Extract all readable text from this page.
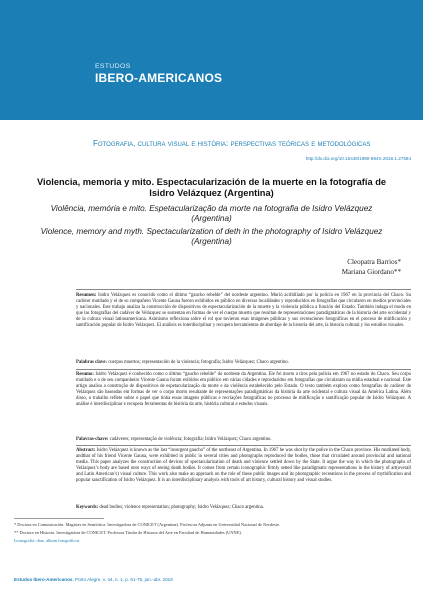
ESTUDOS
IBERO-AMERICANOS
Fotografia, cultura visual e história: perspectivas teóricas e metodológicas
http://dx.doi.org/10.15448/1980-864X.2018.1.27584
Violencia, memoria y mito. Espectacularización de la muerte en la fotografía de Isidro Velázquez (Argentina)
Violência, memória e mito. Espetacularização da morte na fotografia de Isidro Velázquez (Argentina)
Violence, memory and myth. Spectacularization of deth in the photography of Isidro Velázquez (Argentina)
Cleopatra Barrios*
Mariana Giordano**
Resumen: Isidro Velázquez es conocido como el último “gaucho rebelde” del nordeste argentino. Murió acribillado por la policía en 1967 en la provincia del Chaco. Su cadáver mutilado y el de su compañero Vicente Gauna fueron exhibidos en público en diversas localidades y reproducidos en fotografías que circularon en medios provinciales y nacionales. Este trabajo analiza la construcción de dispositivos de espectacularización de la muerte y la violencia pública a función del Estado. También indaga el modo en que las fotografías del cadáver de Velázquez se sustentan en formas de ver el cuerpo muerto que resultan de representaciones paradigmáticas de la historia del arte occidental y de la cultura visual latinoamericana. Asimismo reflexiona sobre el rol que tuvieron esas imágenes públicas y sus recreaciones fotográficas en el proceso de mitificación y santificación popular de Isidro Velázquez. El análisis es interdisciplinar y recupera herramientas de abordaje de la historia del arte, la historia cultural y los estudios visuales.
Palabras clave: cuerpos muertos; representación de la violencia; fotografía; Isidro Velázquez; Chaco argentino.
Resumo: Isidro Velázquez é conhecido como o último “gaucho rebelde” do nordeste da Argentina. Ele foi morto a tiros pela polícia em 1967 no estado do Chaco. Seu corpo mutilado e o de seu companheiro Vicente Gauna foram exibidos em público em várias cidades e reproduzidos em fotografias que circularam na mídia estadual e nacional. Este artigo analisa a construção de dispositivos de espetacularização da morte e da violência estabelecido pelo Estado. O texto também explora como fotografias do cadáver de Velázquez são baseadas em formas de ver o corpo morto resultante de representações paradigmáticas da história da arte ocidental e cultura visual da América Latina. Além disso, o trabalho reflete sobre o papel que tinha essas imagens públicas e recriações fotográficas no processo de mitificação e santificação popular de Isidro Velázquez. A análise é interdisciplinar e recupera ferramentas de história da arte, história cultural e estudos visuais.
Palavras-chave: cadáveres; representação de violência; fotografia; Isidro Velázquez; Chaco argentino.
Abstract: Isidro Velázquez is known as the last “insurgent gaucho” of the northeast of Argentina. In 1967 he was shot by the police in the Chaco province. His mutilated body, andthat of his friend Vicente Gauna, were exhibited in public in several cities and photographs reproduced the bodies, those that circulated around provincial and national media. This paper analyzes the construction of devices of spectacularization of death and violence settled down by the State. It argue the way in which the photographs of Velázquez’s body are based onto ways of seeing death bodies. It comes from certain iconographic firmly setted like paradigmatic representations in the history of art(overall and Latin American’s) visual culture. This work also make an approach on the role of these public images and its photographic recreations in the process of mythification and popular sanctification of Isidro Velázquez. It is an interdisciplinary analysis with tools of art history, cultural history and visual studies.
Keywords: dead bodies; violence representation; photography; Isidro Velázquez; Chaco argentina.
* Doctora en Comunicación. Magíster en Semiótica. Investigadora de CONICET (Argentina). Profesora Adjunta en Universidad Nacional de Nordeste.
** Doctora en Historia. Investigadora de CONICET. Profesora Titular de Historia del Arte en Facultad de Humanidades (UNNE).
Iconografía: diaz, álbum fotográficos
Estudos Ibero-Americanos, Porto Alegre, v. 44, n. 1, p. 61-75, jan.-abr. 2018
